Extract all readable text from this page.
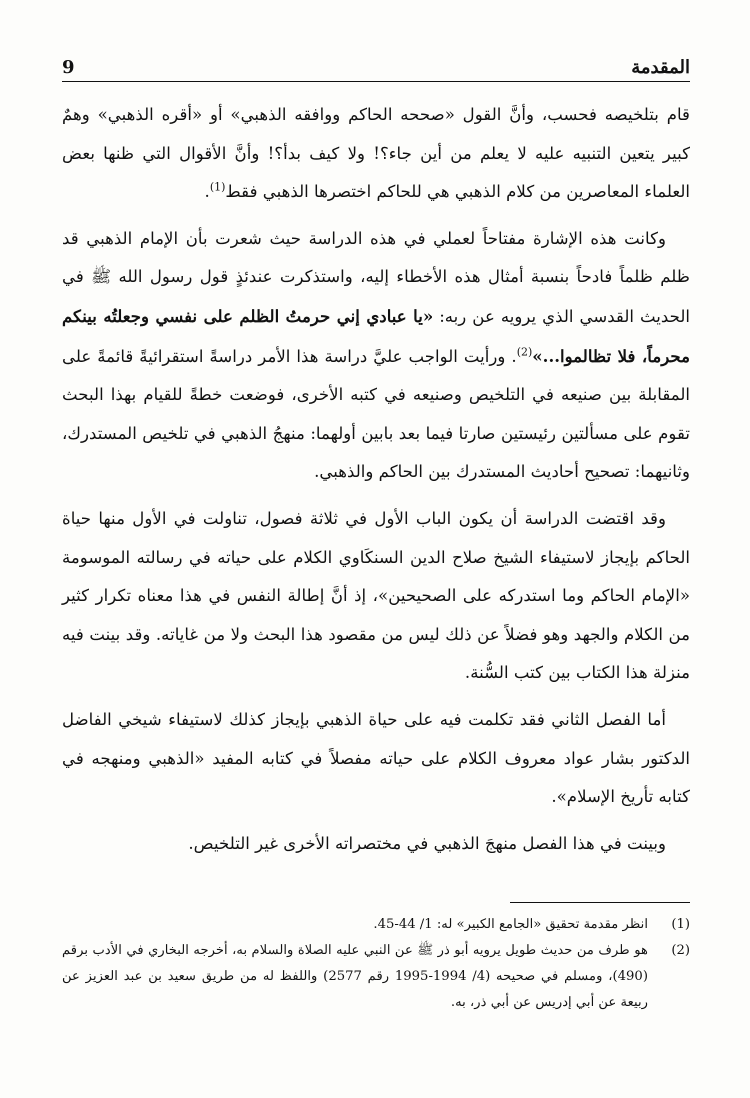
المقدمة
9

قام بتلخيصه فحسب، وأنَّ القول «صححه الحاكم ووافقه الذهبي» أو «أقره الذهبي» وهمٌ كبير يتعين التنبيه عليه لا يعلم من أين جاء؟! ولا كيف بدأ؟! وأنَّ الأقوال التي ظنها بعض العلماء المعاصرين من كلام الذهبي هي للحاكم اختصرها الذهبي فقط$^{(1)}$.

وكانت هذه الإشارة مفتاحاً لعملي في هذه الدراسة حيث شعرت بأن الإمام الذهبي قد ظلم ظلماً فادحاً بنسبة أمثال هذه الأخطاء إليه، واستذكرت عندئذٍ قول رسول الله ﷺ في الحديث القدسي الذي يرويه عن ربه: «يا عبادي إني حرمتُ الظلم على نفسي وجعلتُه بينكم محرماً، فلا تظالموا...»$^{(2)}$. ورأيت الواجب عليَّ دراسة هذا الأمر دراسةً استقرائيةً قائمةً على المقابلة بين صنيعه في التلخيص وصنيعه في كتبه الأخرى، فوضعت خطةً للقيام بهذا البحث تقوم على مسألتين رئيستين صارتا فيما بعد بابين أولهما: منهجُ الذهبي في تلخيص المستدرك، وثانيهما: تصحيح أحاديث المستدرك بين الحاكم والذهبي.

وقد اقتضت الدراسة أن يكون الباب الأول في ثلاثة فصول، تناولت في الأول منها حياة الحاكم بإيجاز لاستيفاء الشيخ صلاح الدين السنكَاوي الكلام على حياته في رسالته الموسومة «الإمام الحاكم وما استدركه على الصحيحين»، إذ أنَّ إطالة النفس في هذا معناه تكرار كثير من الكلام والجهد وهو فضلاً عن ذلك ليس من مقصود هذا البحث ولا من غاياته. وقد بينت فيه منزلة هذا الكتاب بين كتب السُّنة.

أما الفصل الثاني فقد تكلمت فيه على حياة الذهبي بإيجاز كذلك لاستيفاء شيخي الفاضل الدكتور بشار عواد معروف الكلام على حياته مفصلاً في كتابه المفيد «الذهبي ومنهجه في كتابه تأريخ الإسلام».

وبينت في هذا الفصل منهجَ الذهبي في مختصراته الأخرى غير التلخيص.

(1)
انظر مقدمة تحقيق «الجامع الكبير» له: 1/ 44-45.
(2)
هو طرف من حديث طويل يرويه أبو ذر ﷺ عن النبي عليه الصلاة والسلام به، أخرجه البخاري في الأدب برقم (490)، ومسلم في صحيحه (4/ 1994-1995 رقم 2577) واللفظ له من طريق سعيد بن عبد العزيز عن ربيعة عن أبي إدريس عن أبي ذر، به.
